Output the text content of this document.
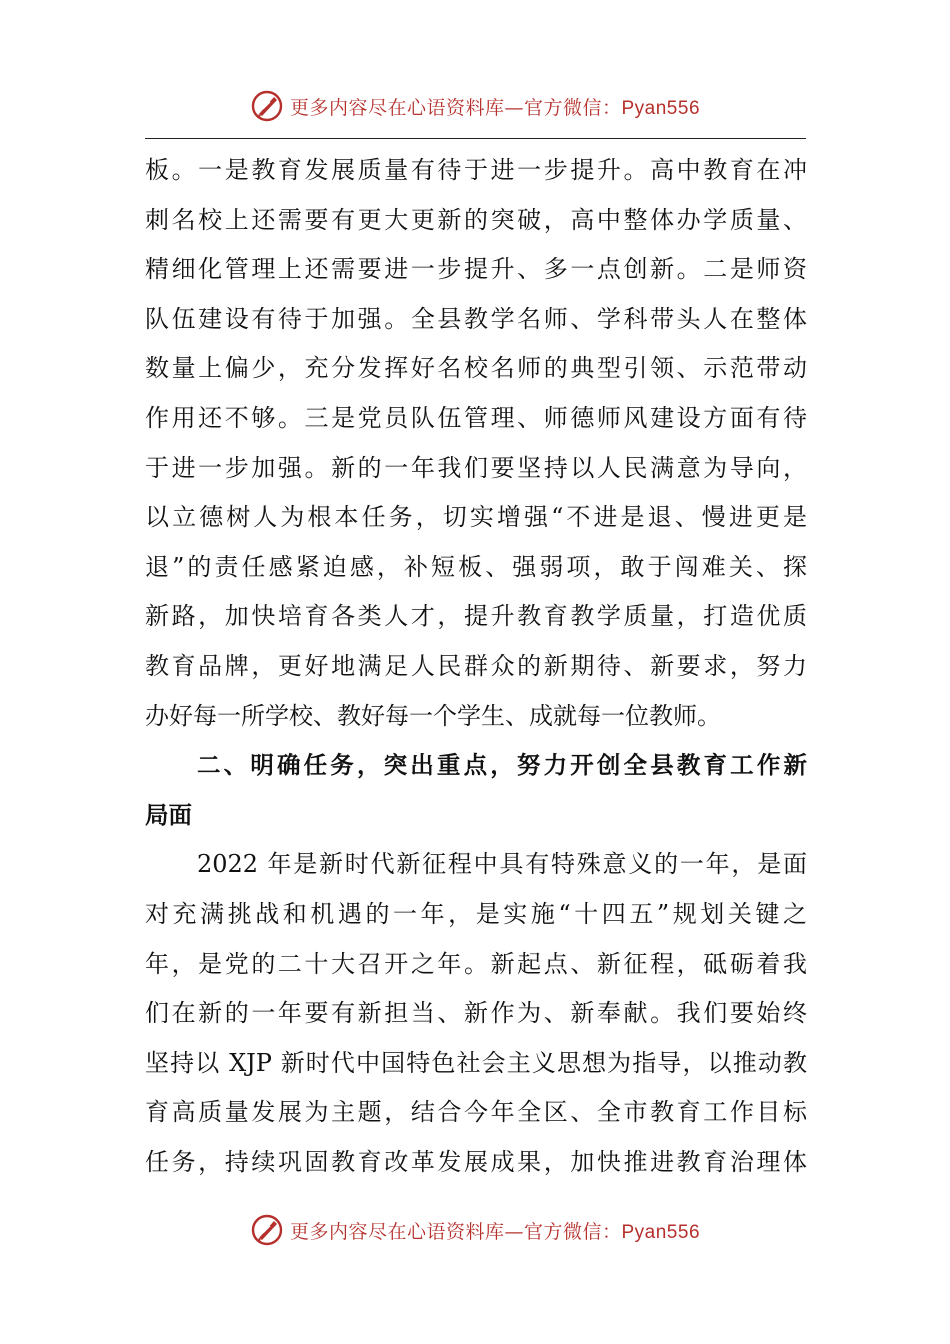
更多内容尽在心语资料库—官方微信：Pyan556
板。一是教育发展质量有待于进一步提升。高中教育在冲
刺名校上还需要有更大更新的突破，高中整体办学质量、
精细化管理上还需要进一步提升、多一点创新。二是师资
队伍建设有待于加强。全县教学名师、学科带头人在整体
数量上偏少，充分发挥好名校名师的典型引领、示范带动
作用还不够。三是党员队伍管理、师德师风建设方面有待
于进一步加强。新的一年我们要坚持以人民满意为导向，
以立德树人为根本任务，切实增强“不进是退、慢进更是
退”的责任感紧迫感，补短板、强弱项，敢于闯难关、探
新路，加快培育各类人才，提升教育教学质量，打造优质
教育品牌，更好地满足人民群众的新期待、新要求，努力
办好每一所学校、教好每一个学生、成就每一位教师。
二、明确任务，突出重点，努力开创全县教育工作新
局面
2022 年是新时代新征程中具有特殊意义的一年，是面
对充满挑战和机遇的一年，是实施“十四五”规划关键之
年，是党的二十大召开之年。新起点、新征程，砥砺着我
们在新的一年要有新担当、新作为、新奉献。我们要始终
坚持以 XJP 新时代中国特色社会主义思想为指导，以推动教
育高质量发展为主题，结合今年全区、全市教育工作目标
任务，持续巩固教育改革发展成果，加快推进教育治理体
更多内容尽在心语资料库—官方微信：Pyan556
